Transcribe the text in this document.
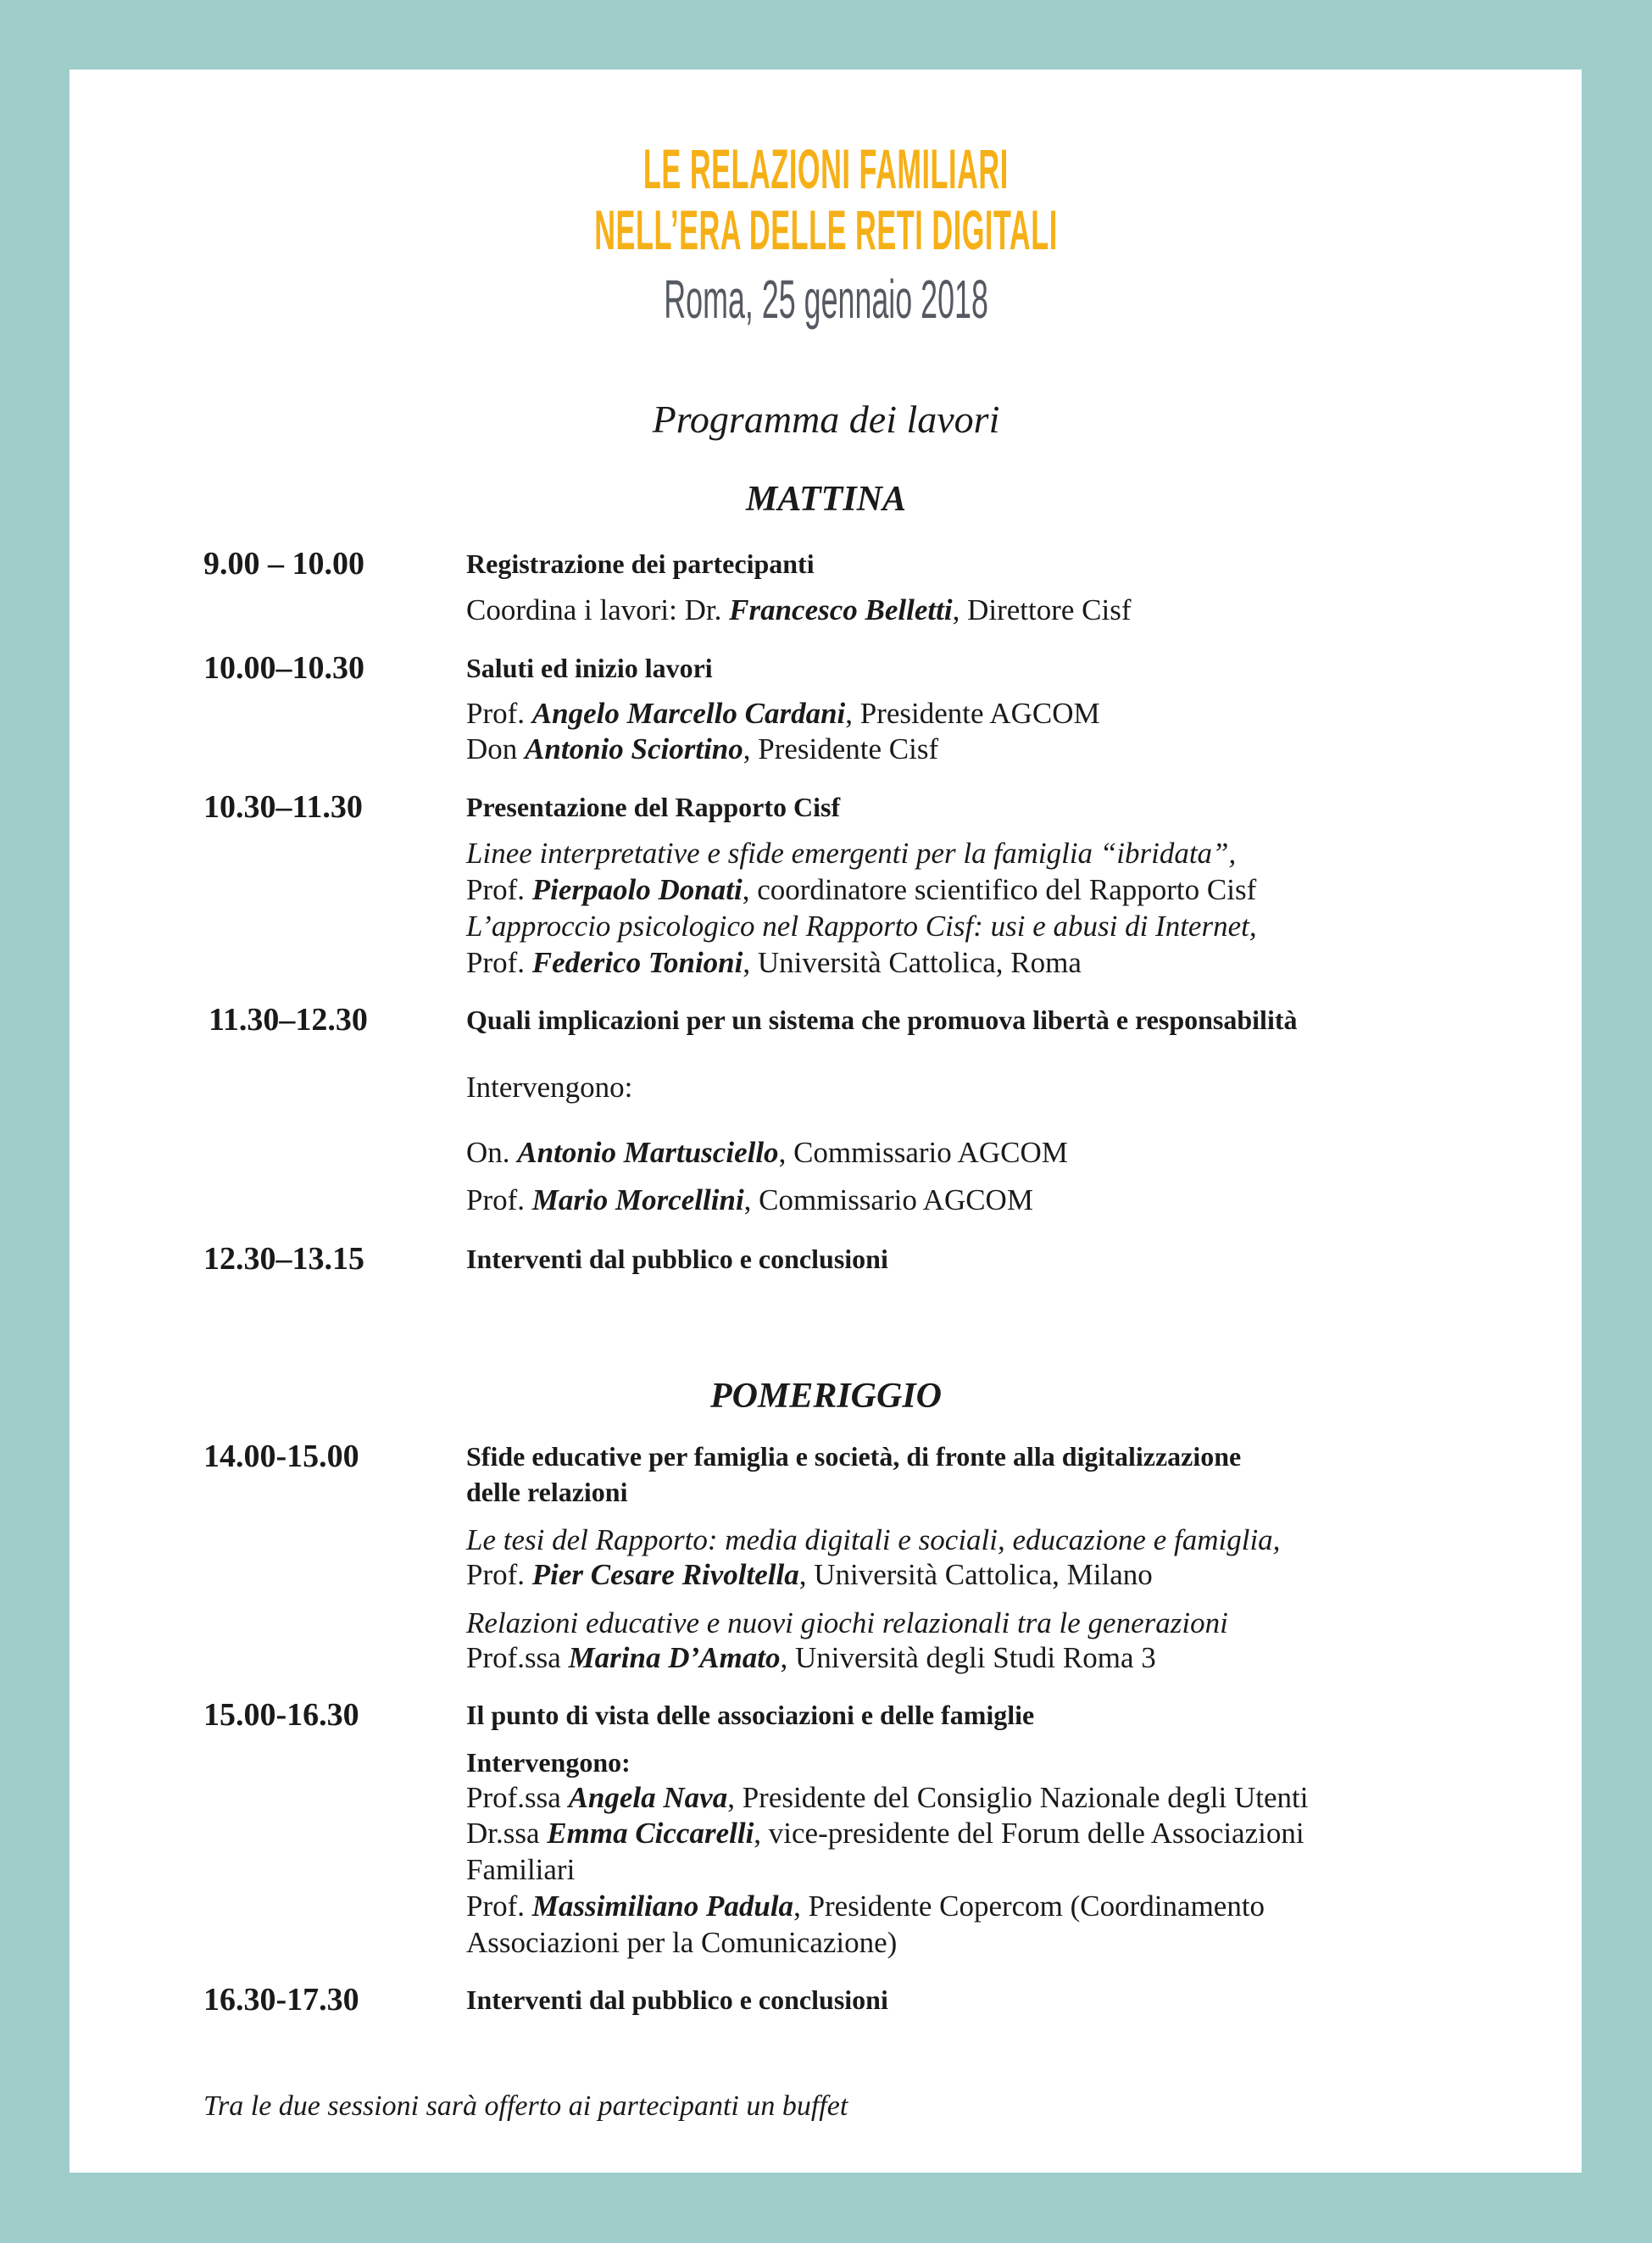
LE RELAZIONI FAMILIARI
NELL’ERA DELLE RETI DIGITALI
Roma, 25 gennaio 2018
Programma dei lavori
MATTINA
9.00 – 10.00	Registrazione dei partecipanti
Coordina i lavori: Dr. Francesco Belletti, Direttore Cisf
10.00–10.30	Saluti ed inizio lavori
Prof. Angelo Marcello Cardani, Presidente AGCOM
Don Antonio Sciortino, Presidente Cisf
10.30–11.30	Presentazione del Rapporto Cisf
Linee interpretative e sfide emergenti per la famiglia “ibridata”,
Prof. Pierpaolo Donati, coordinatore scientifico del Rapporto Cisf
L’approccio psicologico nel Rapporto Cisf: usi e abusi di Internet,
Prof. Federico Tonioni, Università Cattolica, Roma
11.30–12.30	Quali implicazioni per un sistema che promuova libertà e responsabilità
Intervengono:
On. Antonio Martusciello, Commissario AGCOM
Prof. Mario Morcellini, Commissario AGCOM
12.30–13.15	Interventi dal pubblico e conclusioni
POMERIGGIO
14.00-15.00	Sfide educative per famiglia e società, di fronte alla digitalizzazione
delle relazioni
Le tesi del Rapporto: media digitali e sociali, educazione e famiglia,
Prof. Pier Cesare Rivoltella, Università Cattolica, Milano
Relazioni educative e nuovi giochi relazionali tra le generazioni
Prof.ssa Marina D’Amato, Università degli Studi Roma 3
15.00-16.30	Il punto di vista delle associazioni e delle famiglie
Intervengono:
Prof.ssa Angela Nava, Presidente del Consiglio Nazionale degli Utenti
Dr.ssa Emma Ciccarelli, vice-presidente del Forum delle Associazioni
Familiari
Prof. Massimiliano Padula, Presidente Copercom (Coordinamento
Associazioni per la Comunicazione)
16.30-17.30	Interventi dal pubblico e conclusioni
Tra le due sessioni sarà offerto ai partecipanti un buffet
